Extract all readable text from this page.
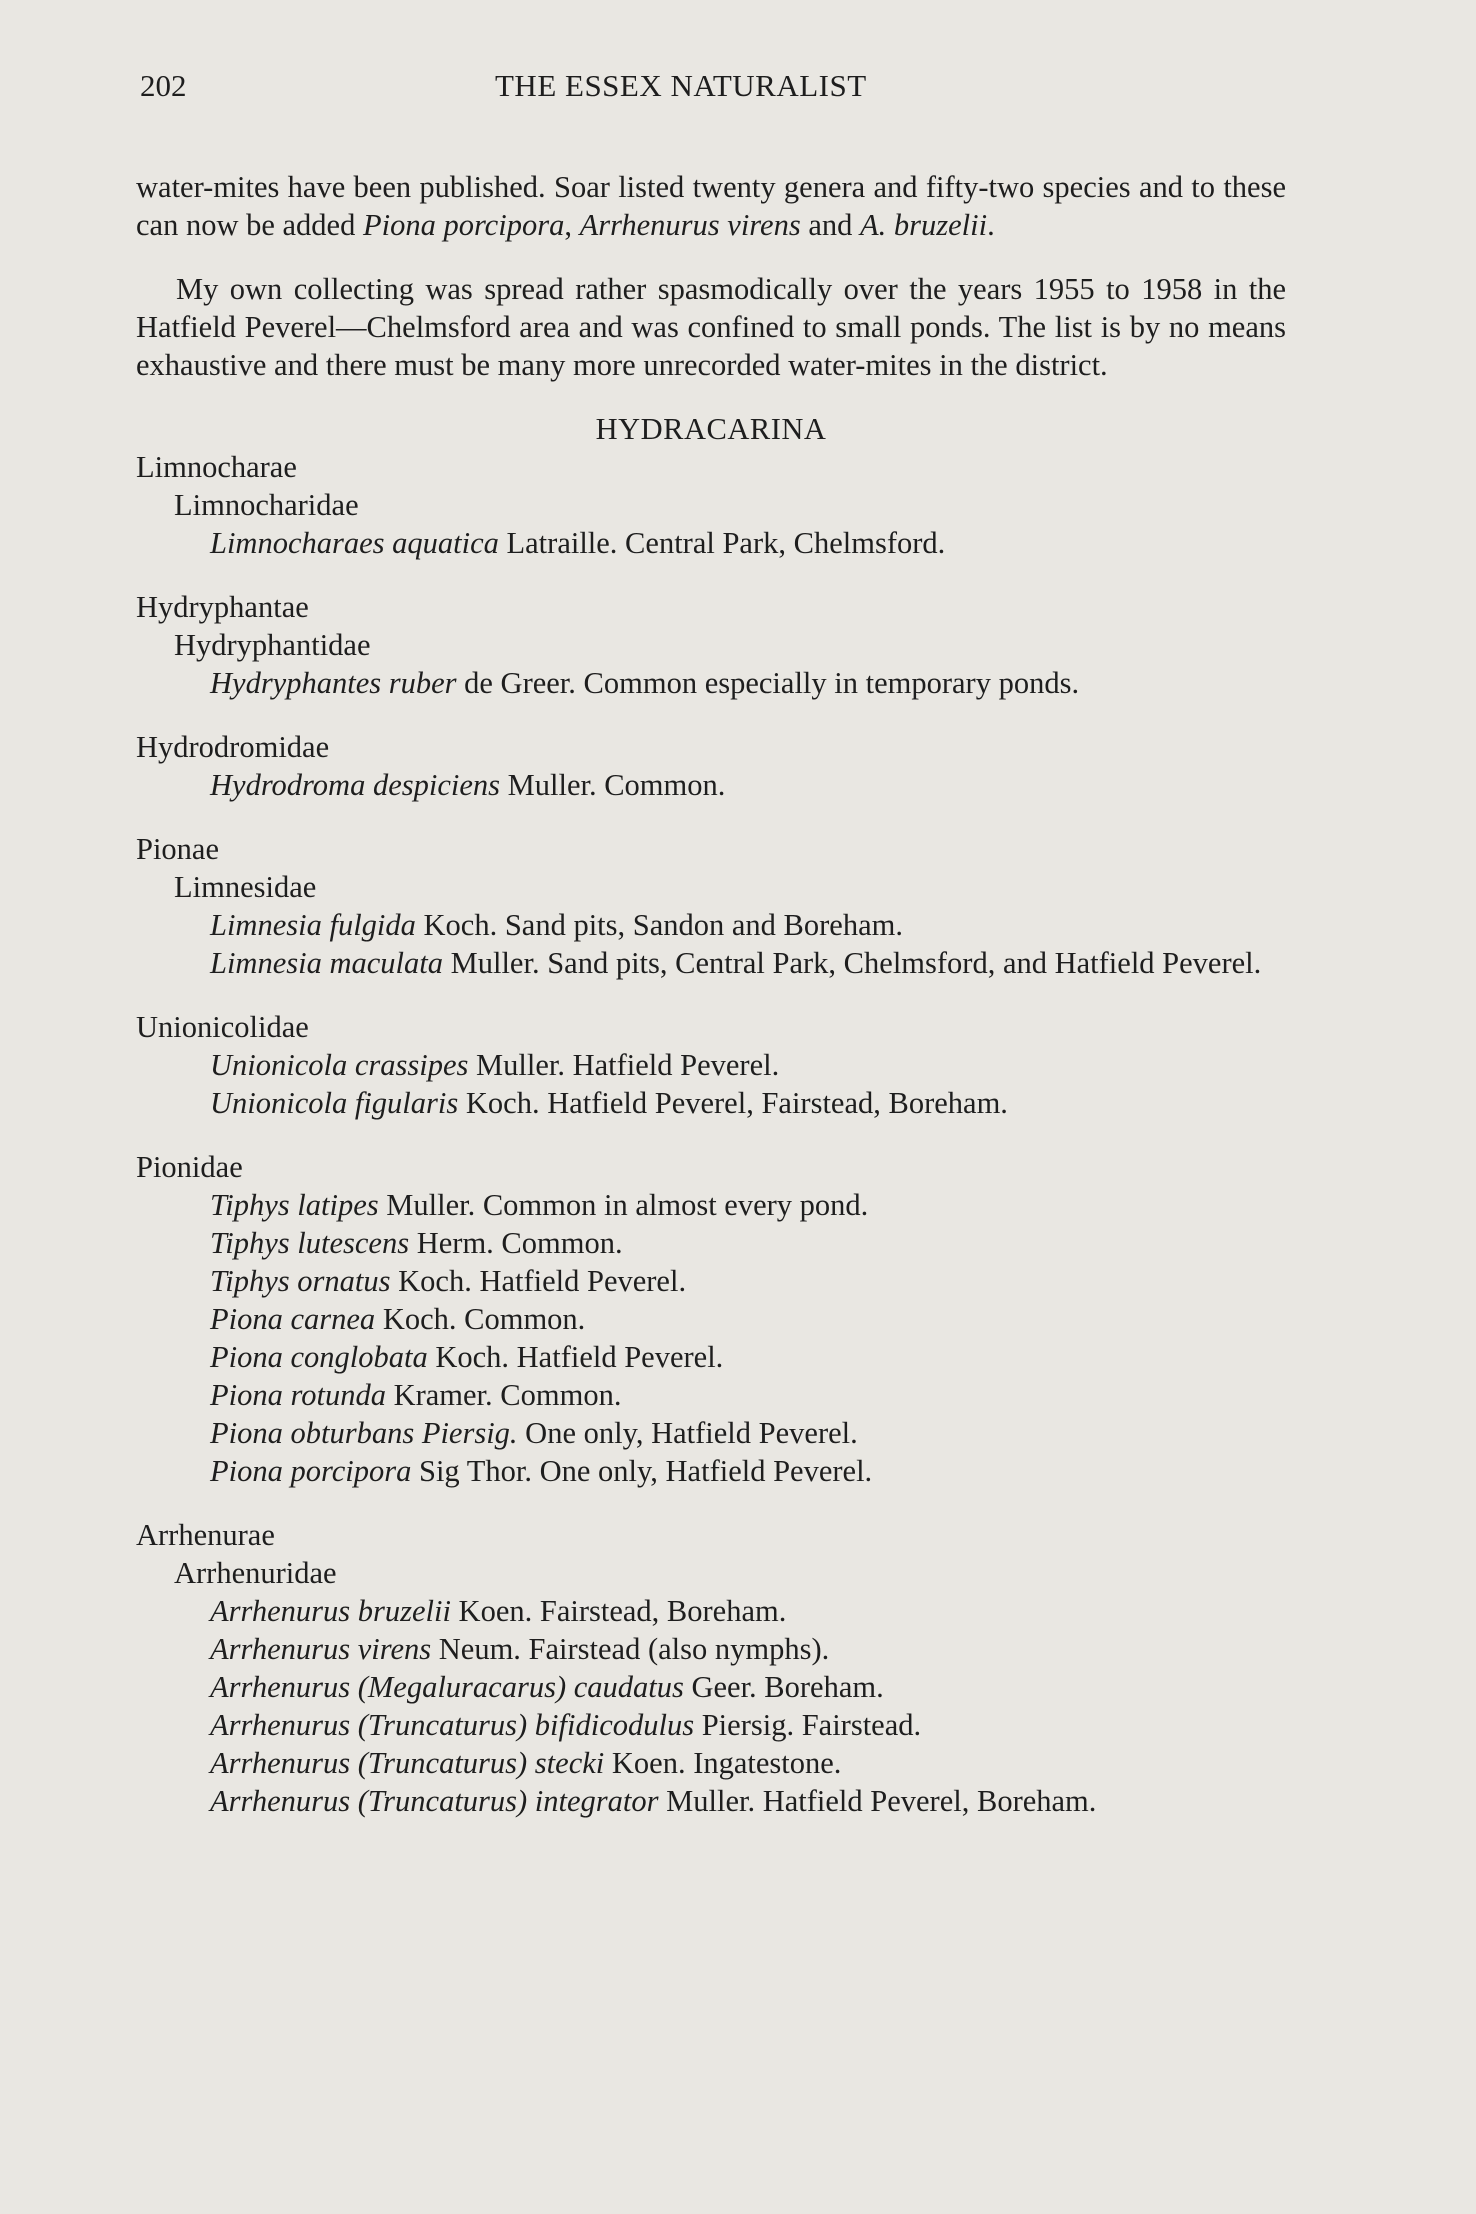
202	THE ESSEX NATURALIST

water-mites have been published. Soar listed twenty genera and fifty-two species and to these can now be added Piona porcipora, Arrhenurus virens and A. bruzelii.

My own collecting was spread rather spasmodically over the years 1955 to 1958 in the Hatfield Peverel—Chelmsford area and was confined to small ponds. The list is by no means exhaustive and there must be many more unrecorded water-mites in the district.

HYDRACARINA

Limnocharae

Limnocharidae

Limnocharaes aquatica Latraille. Central Park, Chelmsford.

Hydryphantae

Hydryphantidae

Hydryphantes ruber de Greer. Common especially in temporary ponds.

Hydrodromidae

Hydrodroma despiciens Muller. Common.

Pionae

Limnesidae

Limnesia fulgida Koch. Sand pits, Sandon and Boreham.

Limnesia maculata Muller. Sand pits, Central Park, Chelmsford, and Hatfield Peverel.

Unionicolidae

Unionicola crassipes Muller. Hatfield Peverel.

Unionicola figularis Koch. Hatfield Peverel, Fairstead, Boreham.

Pionidae

Tiphys latipes Muller. Common in almost every pond.

Tiphys lutescens Herm. Common.

Tiphys ornatus Koch. Hatfield Peverel.

Piona carnea Koch. Common.

Piona conglobata Koch. Hatfield Peverel.

Piona rotunda Kramer. Common.

Piona obturbans Piersig. One only, Hatfield Peverel.

Piona porcipora Sig Thor. One only, Hatfield Peverel.

Arrhenurae

Arrhenuridae

Arrhenurus bruzelii Koen. Fairstead, Boreham.

Arrhenurus virens Neum. Fairstead (also nymphs).

Arrhenurus (Megaluracarus) caudatus Geer. Boreham.

Arrhenurus (Truncaturus) bifidicodulus Piersig. Fairstead.

Arrhenurus (Truncaturus) stecki Koen. Ingatestone.

Arrhenurus (Truncaturus) integrator Muller. Hatfield Peverel, Boreham.
